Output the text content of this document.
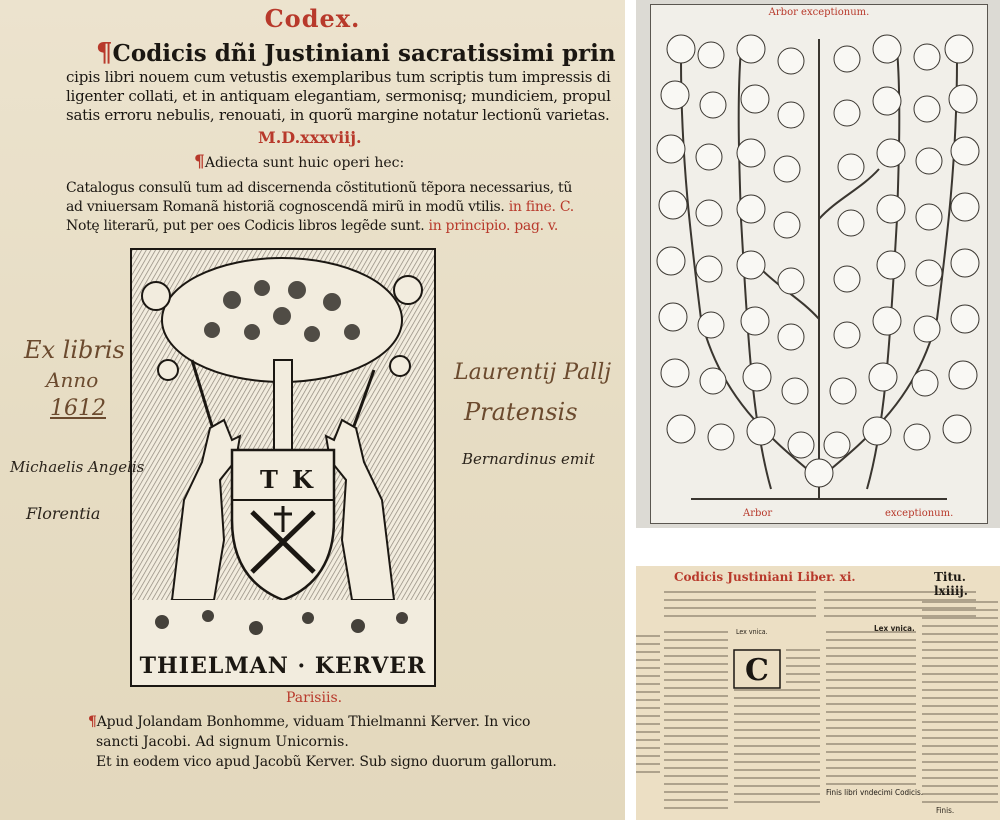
Codex.
¶Codicis dñi Justiniani sacratissimi prin
cipis libri nouem cum vetustis exemplaribus tum scriptis tum impressis di
ligenter collati, et in antiquam elegantiam, sermonisq; mundiciem, propul
satis erroru nebulis, renouati, in quorũ margine notatur lectionũ varietas.
M.D.xxxviij.
¶Adiecta sunt huic operi hec:
Catalogus consulũ tum ad discernenda cõstitutionũ tẽpora necessarius, tũ
ad vniuersam Romanã historiã cognoscendã mirũ in modũ vtilis. in fine. C.
Notę literarũ, put per oes Codicis libros legẽde sunt. in principio. pag. v.
T K
THIELMAN · KERVER
Ex libris
Anno
1612
Michaelis Angelis
Florentia
Laurentij Pallj
Pratensis
Bernardinus emit
Parisiis.
¶Apud Jolandam Bonhomme, viduam Thielmanni Kerver. In vico
sancti Jacobi. Ad signum Unicornis.
Et in eodem vico apud Jacobũ Kerver. Sub signo duorum gallorum.
Arbor exceptionum.
Arbor	exceptionum.
Codicis Justiniani Liber. xi.	Titu. lxiiij.
C
Lex vnica.	Lex vnica.
Finis libri vndecimi Codicis.
Finis.
